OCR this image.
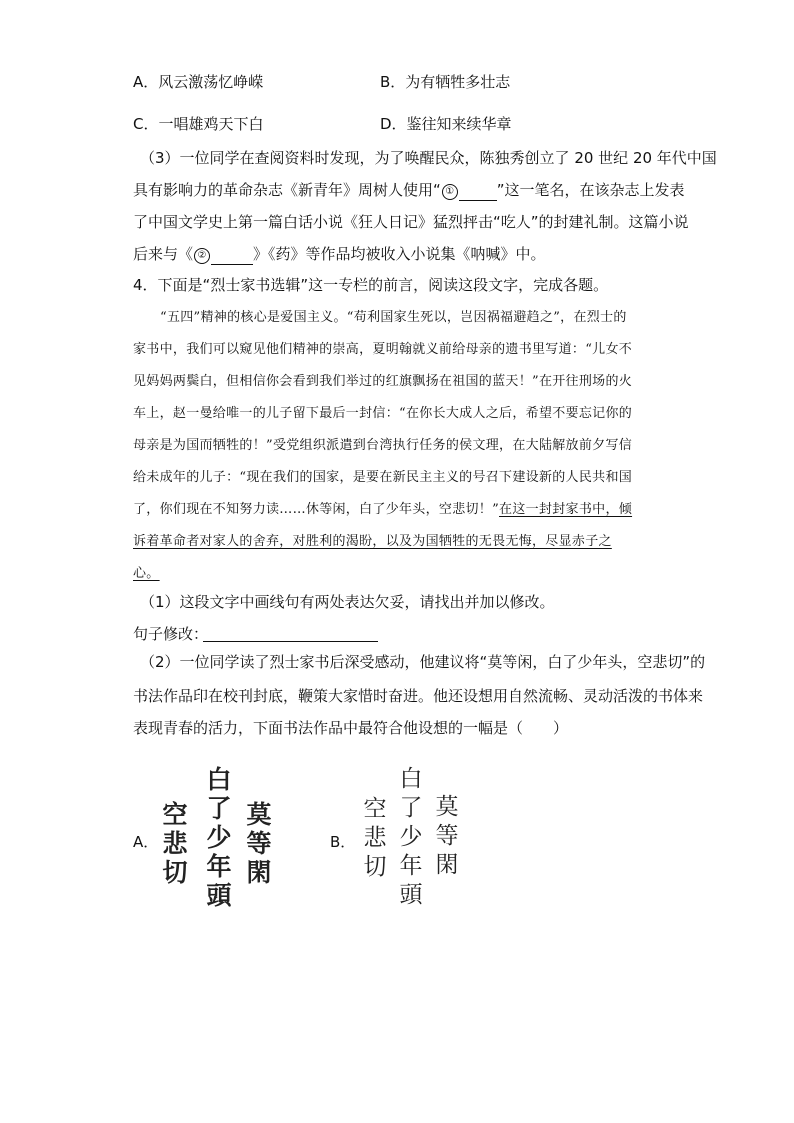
A．风云激荡忆峥嵘	B．为有牺牲多壮志
C．一唱雄鸡天下白	D．鉴往知来续华章
（3）一位同学在查阅资料时发现，为了唤醒民众，陈独秀创立了 20 世纪 20 年代中国
具有影响力的革命杂志《新青年》周树人使用“ ①	”这一笔名，在该杂志上发表
了中国文学史上第一篇白话小说《狂人日记》猛烈抨击“吃人”的封建礼制。这篇小说
后来与《 ②	》《药》等作品均被收入小说集《呐喊》中。
4．下面是“烈士家书选辑”这一专栏的前言，阅读这段文字，完成各题。
“五四”精神的核心是爱国主义。“苟利国家生死以，岂因祸福避趋之”，在烈士的
家书中，我们可以窥见他们精神的崇高，夏明翰就义前给母亲的遗书里写道：“儿女不
见妈妈两鬓白，但相信你会看到我们举过的红旗飘扬在祖国的蓝天！”在开往刑场的火
车上，赵一曼给唯一的儿子留下最后一封信：“在你长大成人之后，希望不要忘记你的
母亲是为国而牺牲的！”受党组织派遣到台湾执行任务的侯文理，在大陆解放前夕写信
给未成年的儿子：“现在我们的国家，是要在新民主主义的号召下建设新的人民共和国
了，你们现在不知努力读……休等闲，白了少年头，空悲切！”在这一封封家书中，倾
诉着革命者对家人的舍弃，对胜利的渴盼，以及为国牺牲的无畏无悔，尽显赤子之
心。
（1）这段文字中画线句有两处表达欠妥，请找出并加以修改。
句子修改：
（2）一位同学读了烈士家书后深受感动，他建议将“莫等闲，白了少年头，空悲切”的
书法作品印在校刊封底，鞭策大家惜时奋进。他还设想用自然流畅、灵动活泼的书体来
表现青春的活力，下面书法作品中最符合他设想的一幅是（　　）
A．
空
悲
切
白
了
少
年
頭
莫
等
閑
B．
空
悲
切
白
了
少
年
頭
莫
等
閑
